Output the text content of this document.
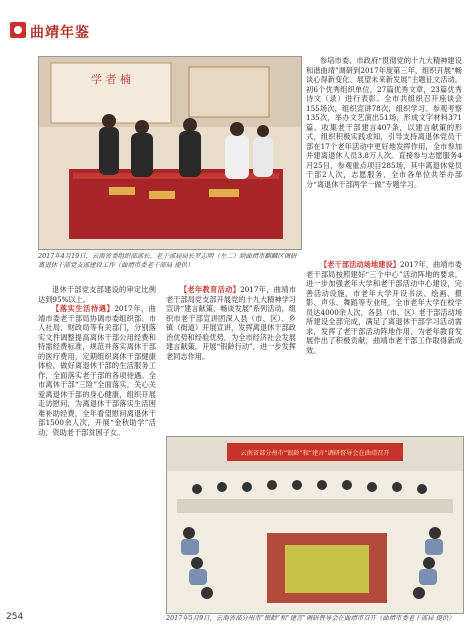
曲靖年鉴
学 者 楠
2017年4月19日，云南省委组织部部长、老干部局局长罗志明（左二）到曲靖市麒麟区调研离退休干部党支部建设工作（曲靖市委老干部局 提供）

参培市委、市政府“贯彻党的十九大精神建设和谐曲靖”调研到2017年度第三年，组织开展“畅谈心得新变化、展望未来新发展”主题征文活动。初6个优秀组织单位，27篇优秀文章，23篇优秀诗文（录）进行表彰。全市共组织召开座谈会155场次，组织宣讲78次，组织学习、参观考察135次，举办文艺演出51场，形成文字材料371篇。收集老干部建言407条，以建言献策的形式，组织积极实践求知，引导支持离退休党员干部在17个老年活动中更好地发挥作用，全市参加并建离退休人员3.8万人次。直接参与志愿服务4月25日，参观重点项目285场，其中离退休党员干部2人次，志愿服务，全市各单位共举办部分“离退休干部两学一做”专题学习。

退休干部党支部建设的审定比例达到95%以上。

【落实生活待遇】2017年，曲靖市委老干部局协调市委组织部、市人社局、财政局等有关部门，分别落实文件调整提高离休干部公用经费和特需经费标准，规范并落实离休干部的医疗费用，定期组织离休干部健康体检，做好离退休干部的生活服务工作，全面落实老干部的各项待遇。全市离休干部“三险”全面落实，关心关爱离退休干部的身心健康，组织开展走访慰问，为离退休干部落实生活困难补助经费，全年看望慰问离退休干部1500余人次，开展“金秋助学”活动，资助老干部贫困子女。

【老年教育活动】2017年，曲靖市老干部局党支部开展党的十九大精神学习宣讲“建言献策、畅谈发展”系列活动，组织市老干部宣讲团深入县（市、区）、乡镇（街道）开展宣讲，发挥离退休干部政治优势和经验优势，为全市经济社会发展建言献策。开展“银龄行动”，进一步发挥老同志作用。

【老干部活动场地建设】2017年，曲靖市委老干部局按照建好“三个中心”活动阵地的要求，进一步加强老年大学和老干部活动中心建设，完善活动设施，市老年大学开设书法、绘画、摄影、声乐、舞蹈等专业班，全市老年大学在校学员达4000余人次，各县（市、区）老干部活动场所建设全部完成，满足了离退休干部学习活动需求，发挥了老干部活动阵地作用，为老年教育发展作出了积极贡献，曲靖市老干部工作取得新成效。

云南省部分州市“银龄”和“建言”调研督导会在曲靖召开
2017年5月9日，云南省部分州市“银龄”和“建言”调研督导会在曲靖市召开（曲靖市委老干部局 提供）
254
